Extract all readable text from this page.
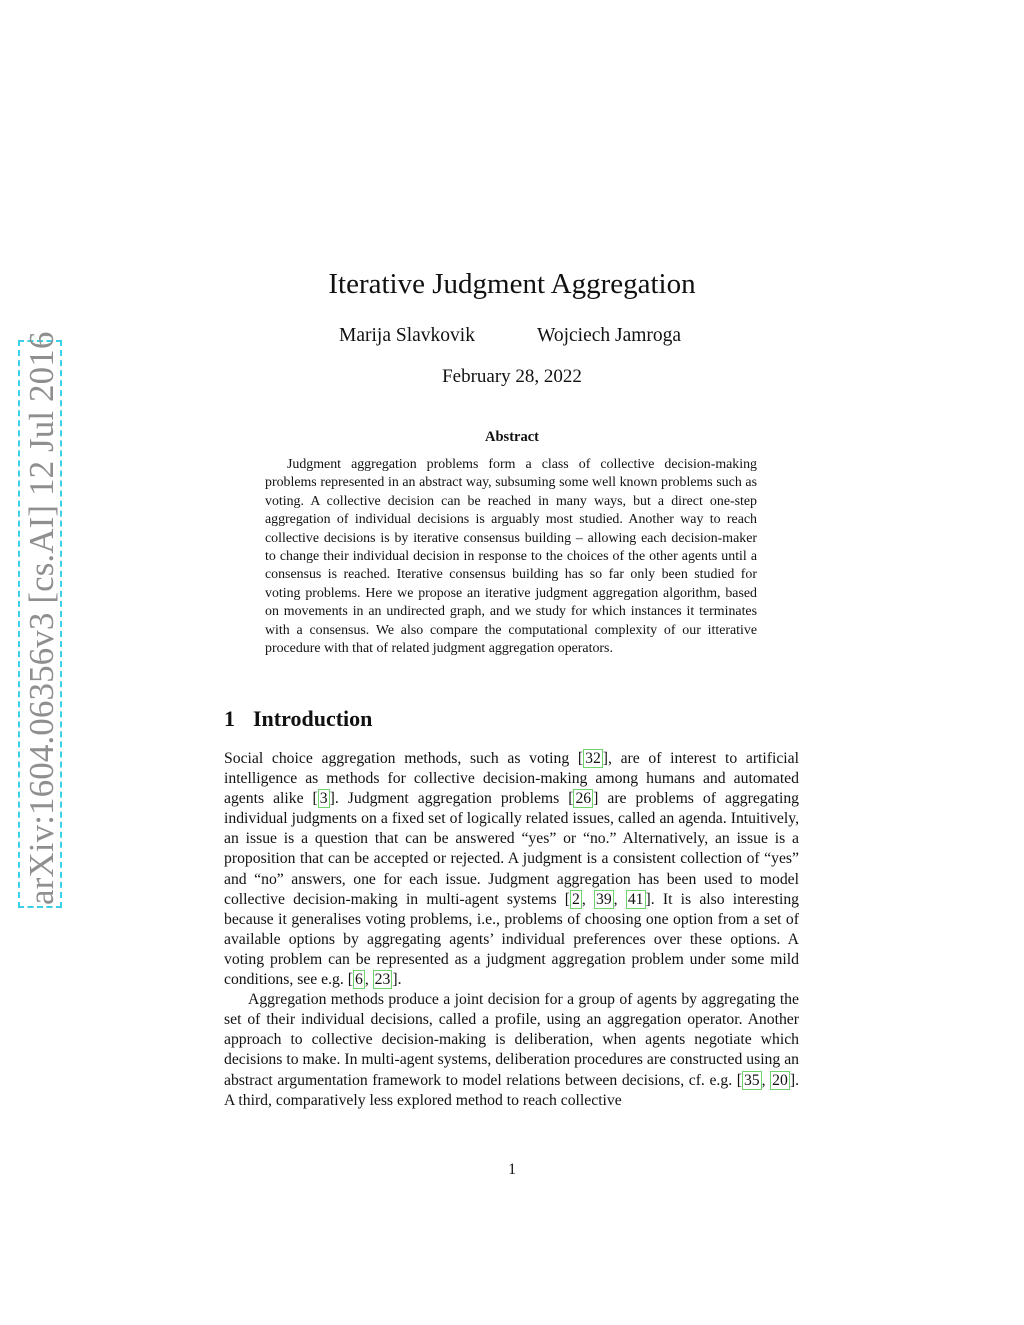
arXiv:1604.06356v3 [cs.AI] 12 Jul 2016
Iterative Judgment Aggregation
Marija Slavkovik	Wojciech Jamroga
February 28, 2022
Abstract

Judgment aggregation problems form a class of collective decision-making problems represented in an abstract way, subsuming some well known problems such as voting. A collective decision can be reached in many ways, but a direct one-step aggregation of individual decisions is arguably most studied. Another way to reach collective decisions is by iterative consensus building – allowing each decision-maker to change their individual decision in response to the choices of the other agents until a consensus is reached. Iterative consensus building has so far only been studied for voting problems. Here we propose an iterative judgment aggregation algorithm, based on movements in an undirected graph, and we study for which instances it terminates with a consensus. We also compare the computational complexity of our itterative procedure with that of related judgment aggregation operators.

1 Introduction

Social choice aggregation methods, such as voting [ 32 ], are of interest to artificial intelligence as methods for collective decision-making among humans and automated agents alike [ 3 ]. Judgment aggregation problems [ 26 ] are problems of aggregating individual judgments on a fixed set of logically related issues, called an agenda. Intuitively, an issue is a question that can be answered “yes” or “no.” Alternatively, an issue is a proposition that can be accepted or rejected. A judgment is a consistent collection of “yes” and “no” answers, one for each issue. Judgment aggregation has been used to model collective decision-making in multi-agent systems [ 2 , 39 , 41 ]. It is also interesting because it generalises voting problems, i.e., problems of choosing one option from a set of available options by aggregating agents’ individual preferences over these options. A voting problem can be represented as a judgment aggregation problem under some mild conditions, see e.g. [ 6 , 23 ].

Aggregation methods produce a joint decision for a group of agents by aggregating the set of their individual decisions, called a profile, using an aggregation operator. Another approach to collective decision-making is deliberation, when agents negotiate which decisions to make. In multi-agent systems, deliberation procedures are constructed using an abstract argumentation framework to model relations between decisions, cf. e.g. [ 35 , 20 ]. A third, comparatively less explored method to reach collective

1
